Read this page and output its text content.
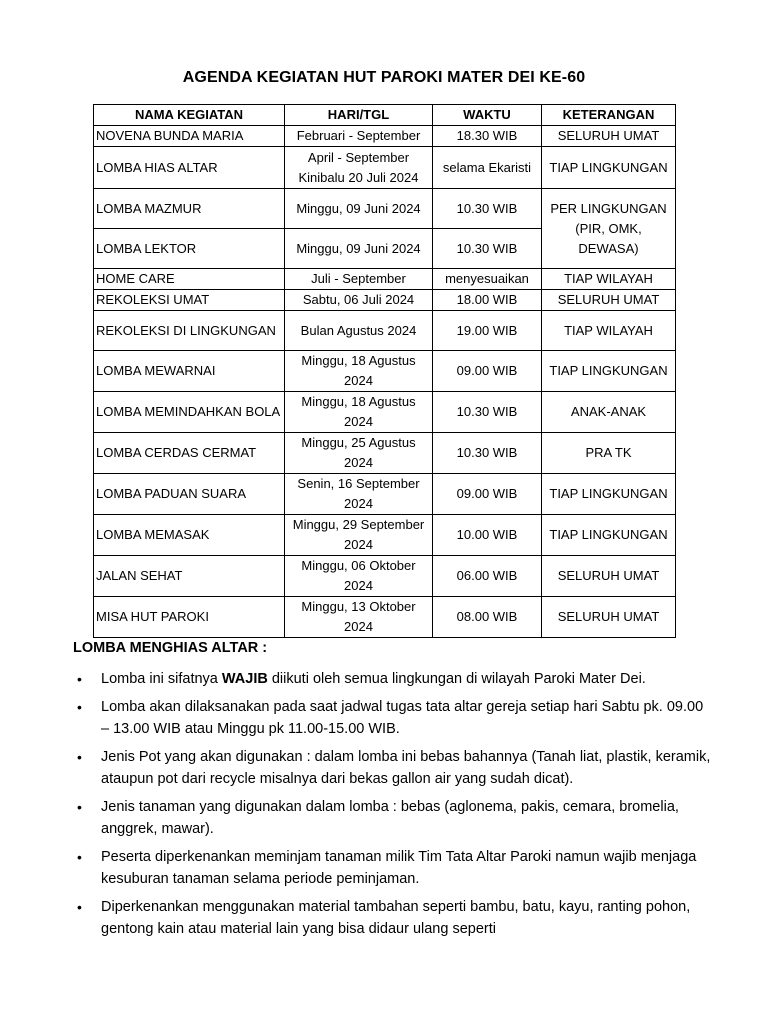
AGENDA KEGIATAN HUT PAROKI MATER DEI KE-60
NAMA KEGIATAN	HARI/TGL	WAKTU	KETERANGAN
NOVENA BUNDA MARIA	Februari - September	18.30 WIB	SELURUH UMAT
LOMBA HIAS ALTAR	April - September Kinibalu 20 Juli 2024	selama Ekaristi	TIAP LINGKUNGAN
LOMBA MAZMUR	Minggu, 09 Juni 2024	10.30 WIB	PER LINGKUNGAN (PIR, OMK, DEWASA)
LOMBA LEKTOR	Minggu, 09 Juni 2024	10.30 WIB	
HOME CARE	Juli - September	menyesuaikan	TIAP WILAYAH
REKOLEKSI UMAT	Sabtu, 06 Juli 2024	18.00 WIB	SELURUH UMAT
REKOLEKSI DI LINGKUNGAN	Bulan Agustus 2024	19.00 WIB	TIAP WILAYAH
LOMBA MEWARNAI	Minggu, 18 Agustus 2024	09.00 WIB	TIAP LINGKUNGAN
LOMBA MEMINDAHKAN BOLA	Minggu, 18 Agustus 2024	10.30 WIB	ANAK-ANAK
LOMBA CERDAS CERMAT	Minggu, 25 Agustus 2024	10.30 WIB	PRA TK
LOMBA PADUAN SUARA	Senin, 16 September 2024	09.00 WIB	TIAP LINGKUNGAN
LOMBA MEMASAK	Minggu, 29 September 2024	10.00 WIB	TIAP LINGKUNGAN
JALAN SEHAT	Minggu, 06 Oktober 2024	06.00 WIB	SELURUH UMAT
MISA HUT PAROKI	Minggu, 13 Oktober 2024	08.00 WIB	SELURUH UMAT
LOMBA MENGHIAS ALTAR :
• Lomba ini sifatnya WAJIB diikuti oleh semua lingkungan di wilayah Paroki Mater Dei.
• Lomba akan dilaksanakan pada saat jadwal tugas tata altar gereja setiap hari Sabtu pk. 09.00 – 13.00 WIB atau Minggu pk 11.00-15.00 WIB.
• Jenis Pot yang akan digunakan : dalam lomba ini bebas bahannya (Tanah liat, plastik, keramik, ataupun pot dari recycle misalnya dari bekas gallon air yang sudah dicat).
• Jenis tanaman yang digunakan dalam lomba : bebas (aglonema, pakis, cemara, bromelia, anggrek, mawar).
• Peserta diperkenankan meminjam tanaman milik Tim Tata Altar Paroki namun wajib menjaga kesuburan tanaman selama periode peminjaman.
• Diperkenankan menggunakan material tambahan seperti bambu, batu, kayu, ranting pohon, gentong kain atau material lain yang bisa didaur ulang seperti
